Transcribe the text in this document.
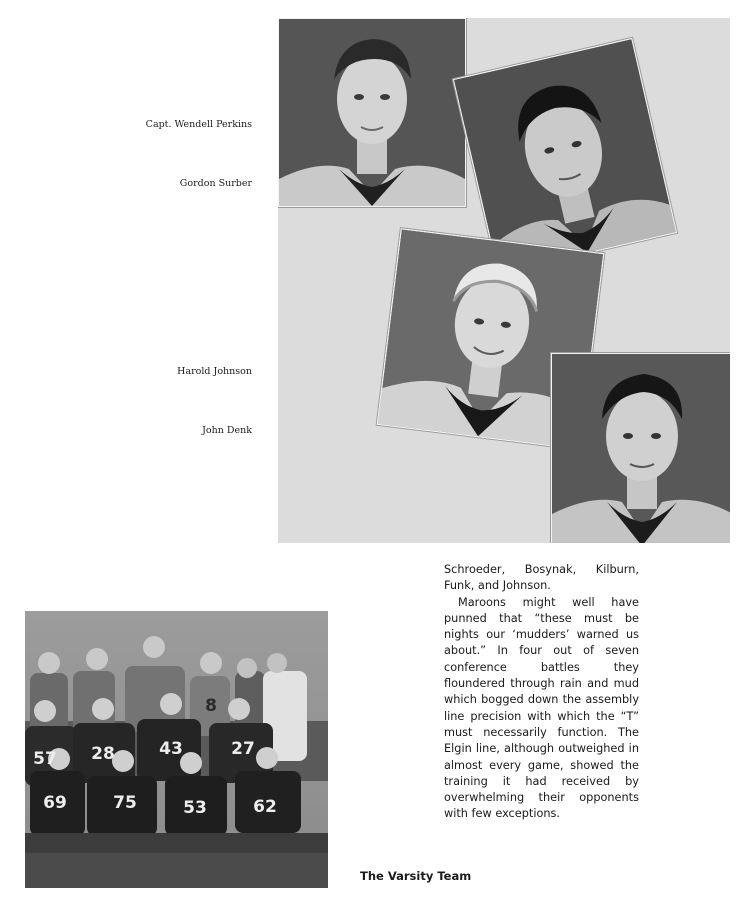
Capt. Wendell Perkins
Gordon Surber
Harold Johnson
John Denk

Schroeder, Bosynak, Kilburn, Funk, and Johnson.

Maroons might well have punned that “these must be nights our ‘mudders’ warned us about.” In four out of seven conference battles they floundered through rain and mud which bogged down the assembly line precision with which the “T” must necessarily function. The Elgin line, although outweighed in almost every game, showed the training it had received by overwhelming their opponents with few exceptions.

8
57 28	43	27
69	75	53	62
The Varsity Team
